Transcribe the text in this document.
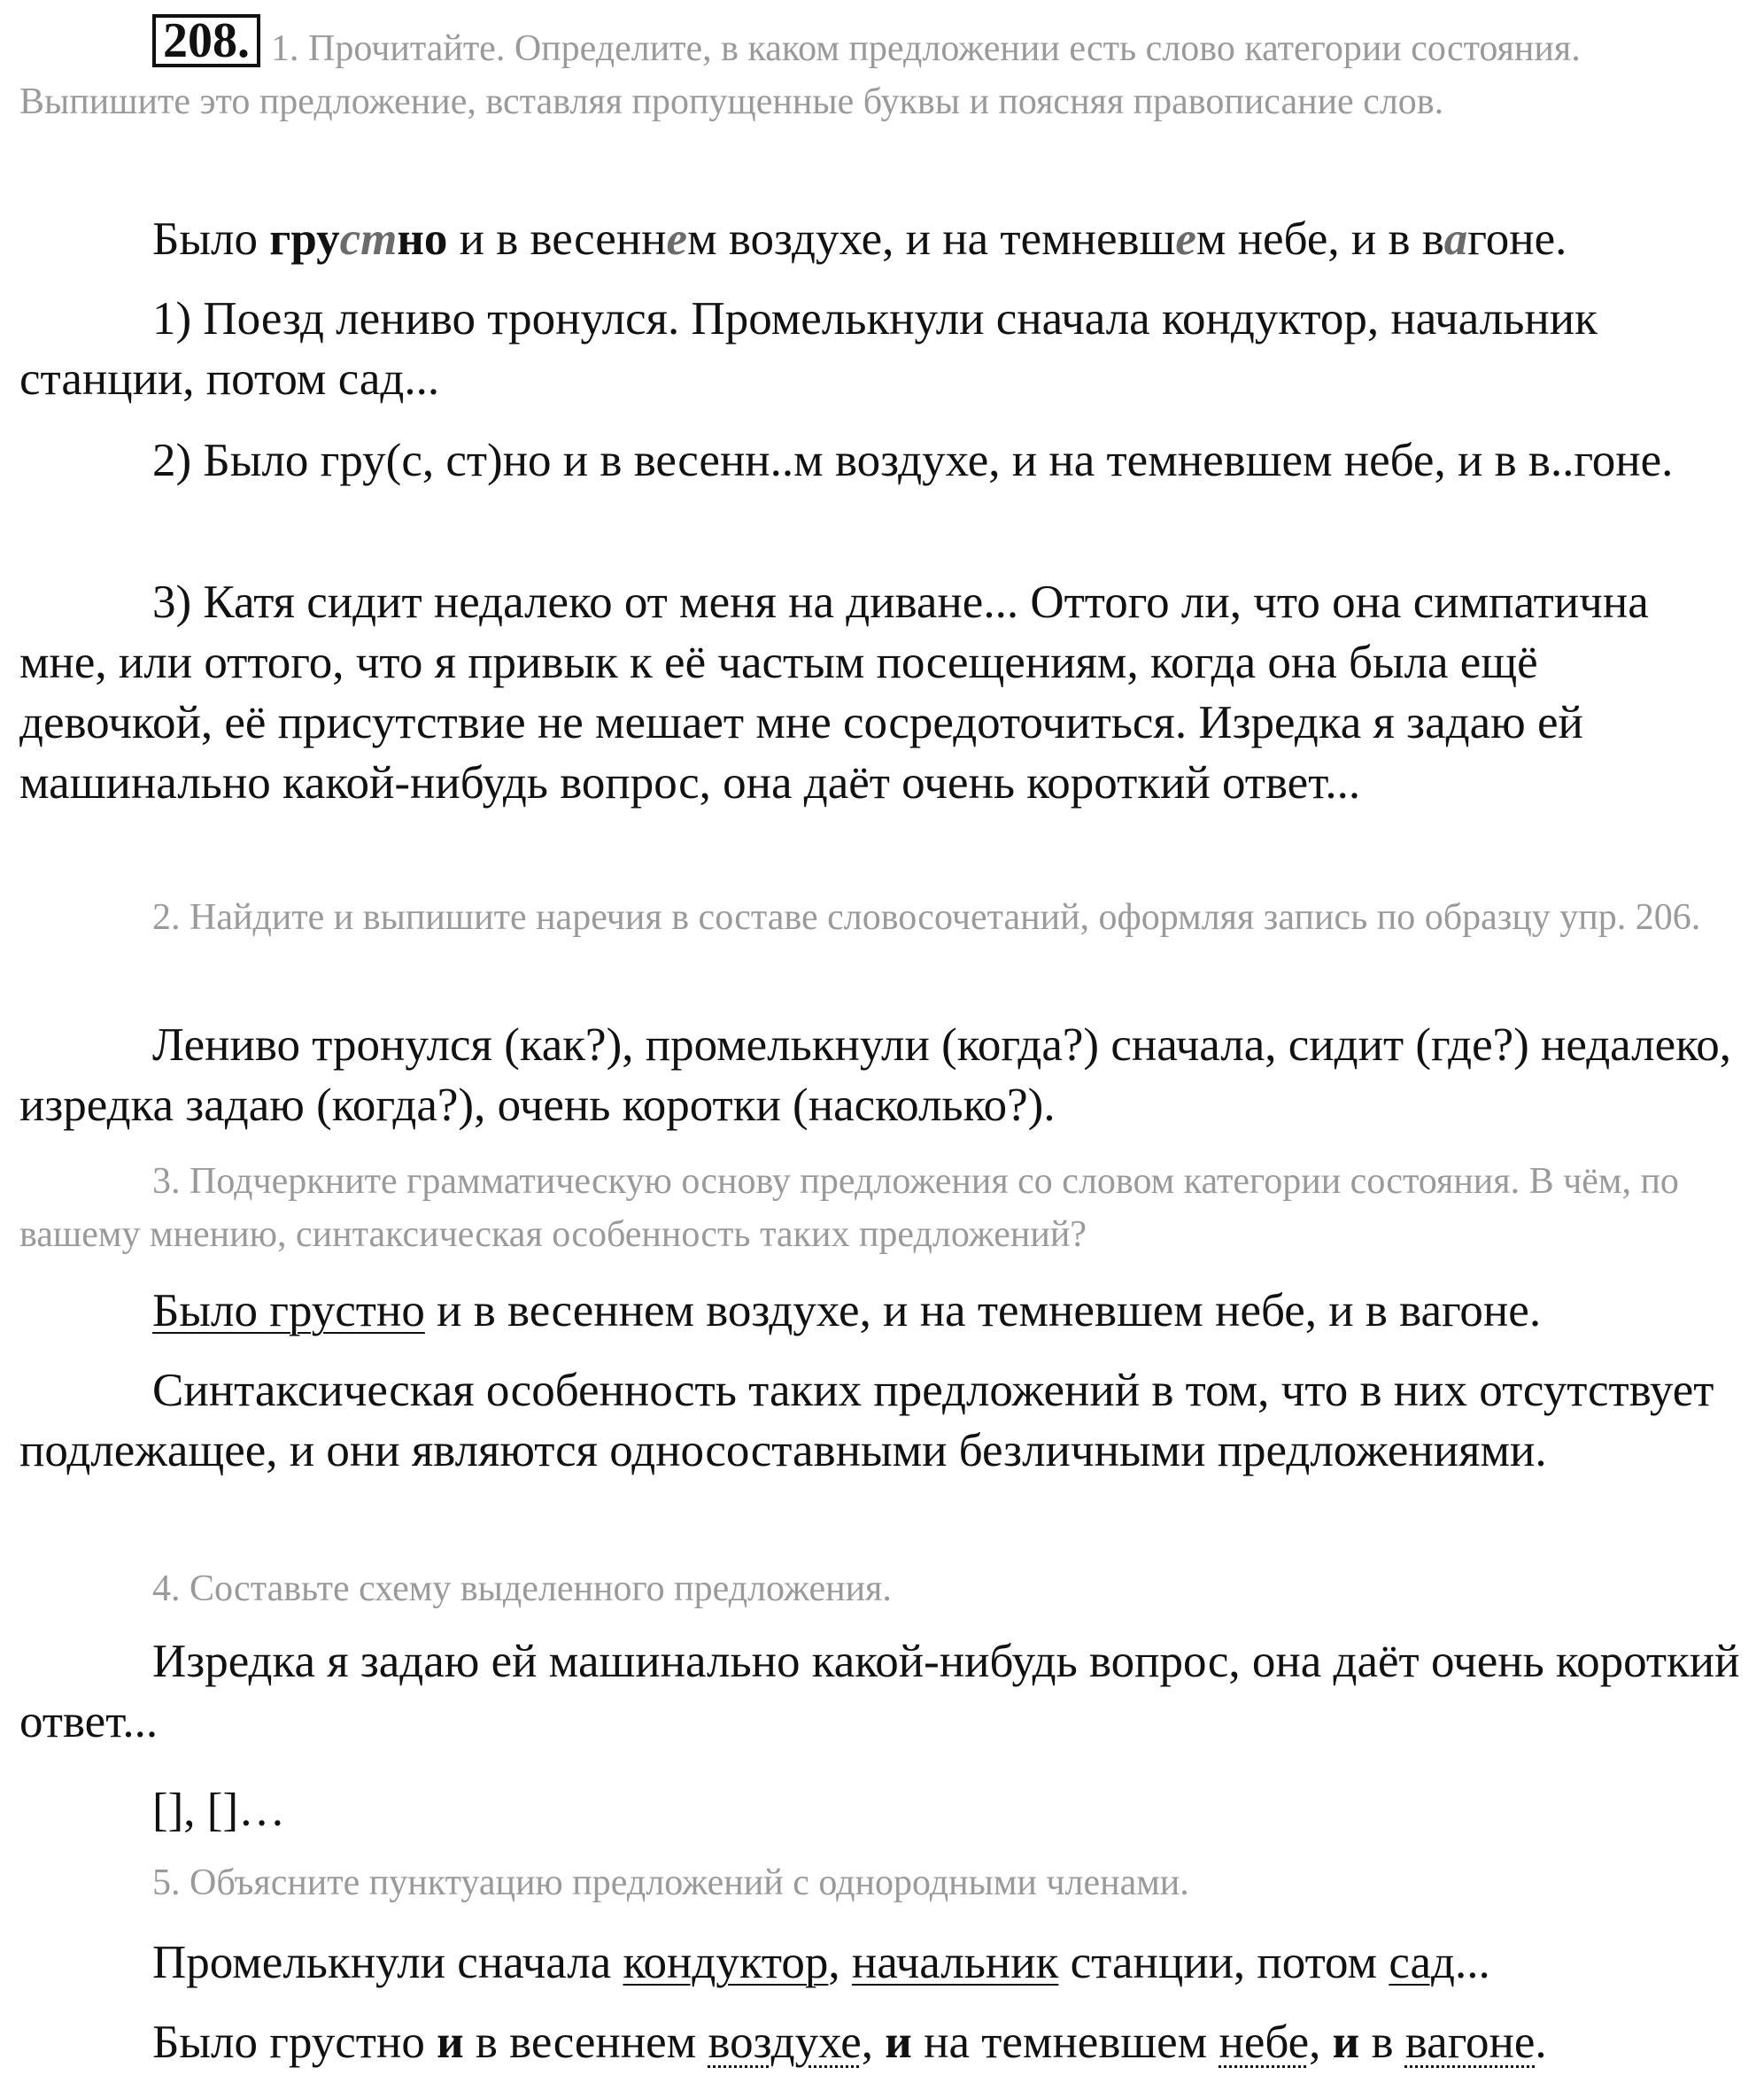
208. 1. Прочитайте. Определите, в каком предложении есть слово категории состояния. Выпишите это предложение, вставляя пропущенные буквы и поясняя правописание слов.
Было грустно и в весеннем воздухе, и на темневшем небе, и в вагоне.
1) Поезд лениво тронулся. Промелькнули сначала кондуктор, начальник станции, потом сад...
2) Было гру(с, ст)но и в весенн..м воздухе, и на темневшем небе, и в в..гоне.
3) Катя сидит недалеко от меня на диване... Оттого ли, что она симпатична мне, или оттого, что я привык к её частым посещениям, когда она была ещё девочкой, её присутствие не мешает мне сосредоточиться. Изредка я задаю ей машинально какой-нибудь вопрос, она даёт очень короткий ответ...
2. Найдите и выпишите наречия в составе словосочетаний, оформляя запись по образцу упр. 206.
Лениво тронулся (как?), промелькнули (когда?) сначала, сидит (где?) недалеко, изредка задаю (когда?), очень коротки (насколько?).
3. Подчеркните грамматическую основу предложения со словом категории состояния. В чём, по вашему мнению, синтаксическая особенность таких предложений?
Было грустно и в весеннем воздухе, и на темневшем небе, и в вагоне.
Синтаксическая особенность таких предложений в том, что в них отсутствует подлежащее, и они являются односоставными безличными предложениями.
4. Составьте схему выделенного предложения.
Изредка я задаю ей машинально какой-нибудь вопрос, она даёт очень короткий ответ...
[], []…
5. Объясните пунктуацию предложений с однородными членами.
Промелькнули сначала кондуктор, начальник станции, потом сад...
Было грустно и в весеннем воздухе, и на темневшем небе, и в вагоне.
